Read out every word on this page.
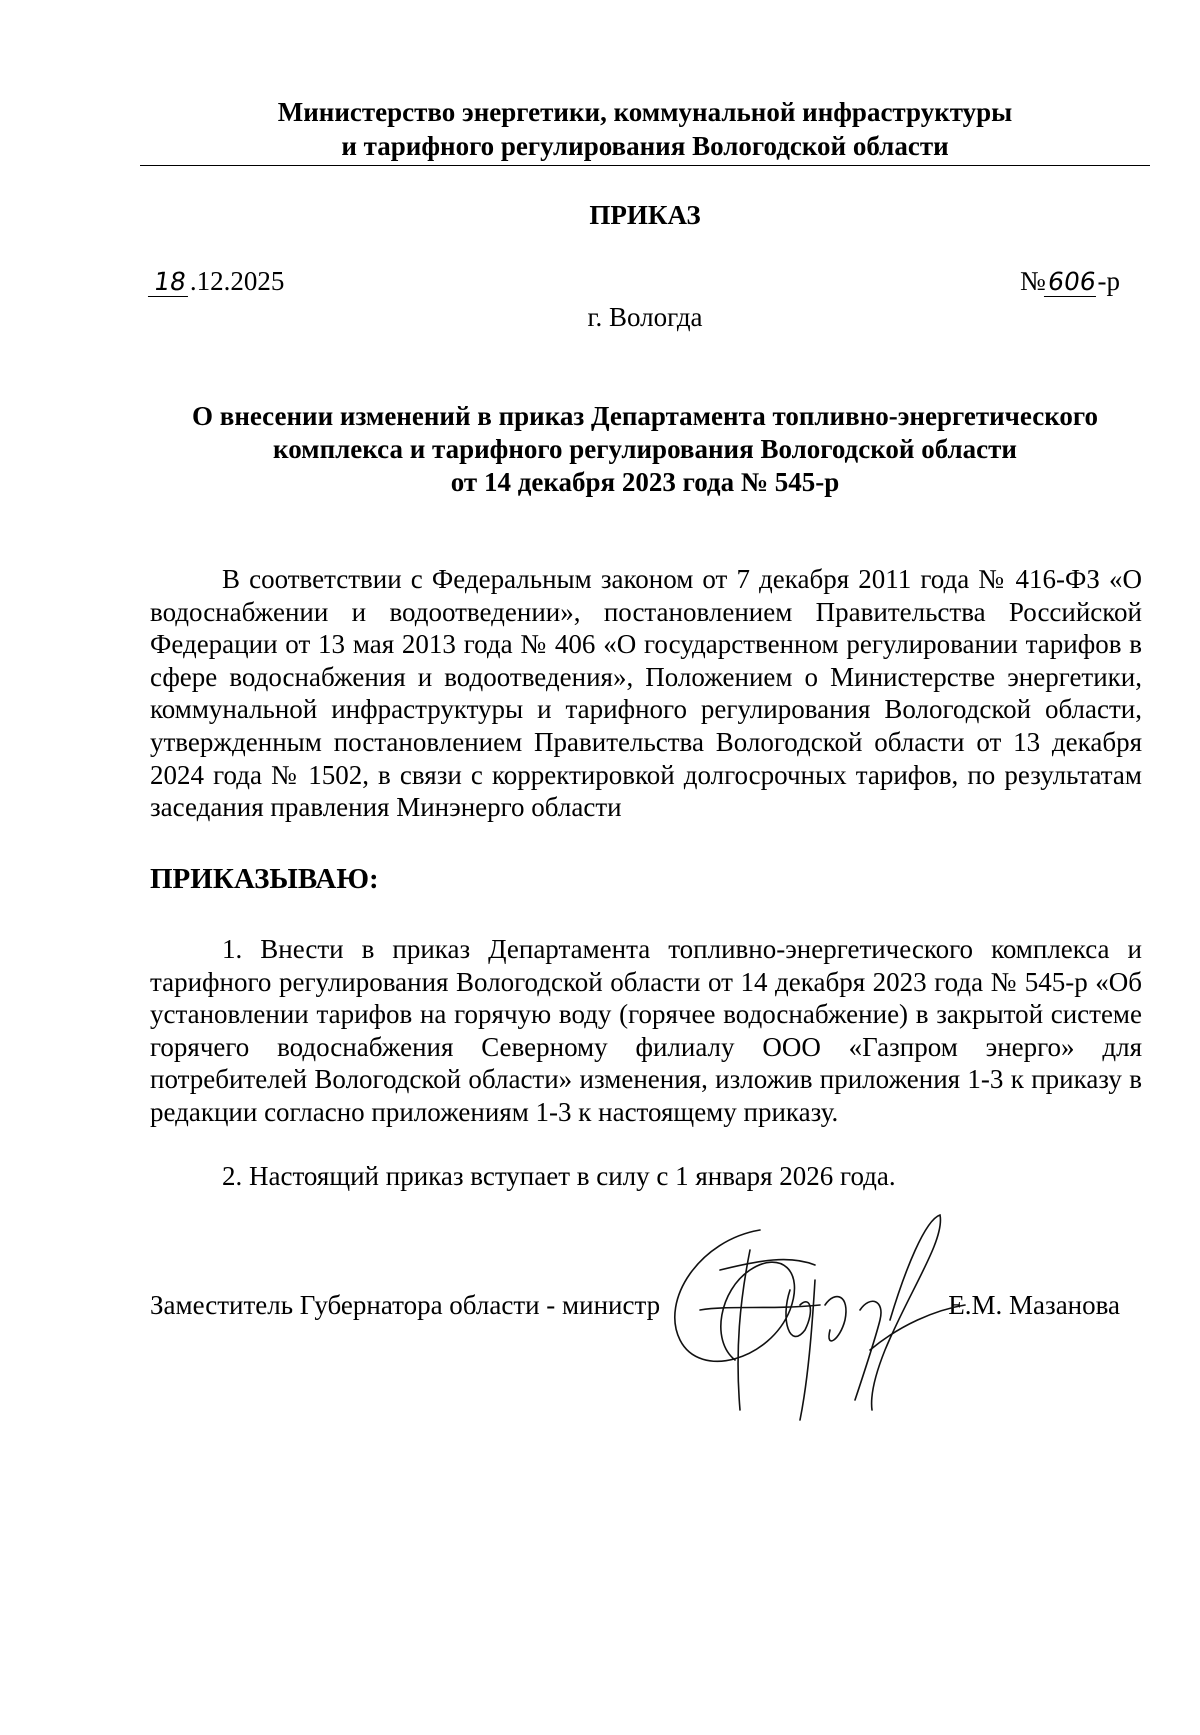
Министерство энергетики, коммунальной инфраструктуры
и тарифного регулирования Вологодской области
ПРИКАЗ
18.12.2025	№606-р
г. Вологда
О внесении изменений в приказ Департамента топливно-энергетического
комплекса и тарифного регулирования Вологодской области
от 14 декабря 2023 года № 545-р
В соответствии с Федеральным законом от 7 декабря 2011 года № 416-ФЗ «О водоснабжении и водоотведении», постановлением Правительства Российской Федерации от 13 мая 2013 года № 406 «О государственном регулировании тарифов в сфере водоснабжения и водоотведения», Положением о Министерстве энергетики, коммунальной инфраструктуры и тарифного регулирования Вологодской области, утвержденным постановлением Правительства Вологодской области от 13 декабря 2024 года № 1502, в связи с корректировкой долгосрочных тарифов, по результатам заседания правления Минэнерго области
ПРИКАЗЫВАЮ:
1. Внести в приказ Департамента топливно-энергетического комплекса и тарифного регулирования Вологодской области от 14 декабря 2023 года № 545-р «Об установлении тарифов на горячую воду (горячее водоснабжение) в закрытой системе горячего водоснабжения Северному филиалу ООО «Газпром энерго» для потребителей Вологодской области» изменения, изложив приложения 1-3 к приказу в редакции согласно приложениям 1-3 к настоящему приказу.
2. Настоящий приказ вступает в силу с 1 января 2026 года.
Заместитель Губернатора области - министр	Е.М. Мазанова
